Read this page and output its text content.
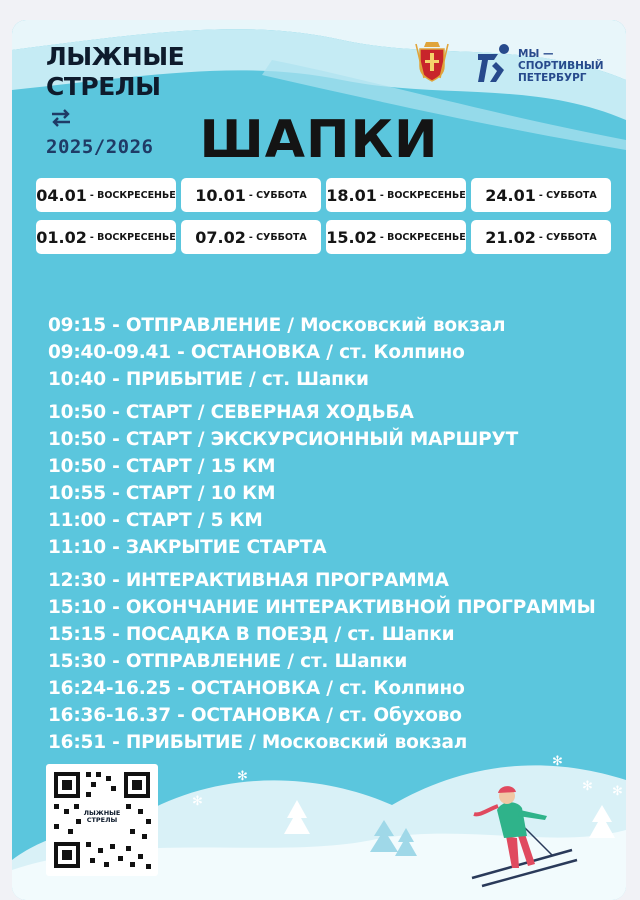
ЛЫЖНЫЕ
СТРЕЛЫ
2025/2026
МЫ —
СПОРТИВНЫЙ
ПЕТЕРБУРГ
ШАПКИ
04.01 - ВОСКРЕСЕНЬЕ 10.01 - СУББОТА 18.01 - ВОСКРЕСЕНЬЕ 24.01 - СУББОТА
01.02 - ВОСКРЕСЕНЬЕ 07.02 - СУББОТА 15.02 - ВОСКРЕСЕНЬЕ 21.02 - СУББОТА
09:15 - ОТПРАВЛЕНИЕ / Московский вокзал
09:40-09.41 - ОСТАНОВКА / ст. Колпино
10:40 - ПРИБЫТИЕ / ст. Шапки
10:50 - СТАРТ / СЕВЕРНАЯ ХОДЬБА
10:50 - СТАРТ / ЭКСКУРСИОННЫЙ МАРШРУТ
10:50 - СТАРТ / 15 КМ
10:55 - СТАРТ / 10 КМ
11:00 - СТАРТ / 5 КМ
11:10 - ЗАКРЫТИЕ СТАРТА
12:30 - ИНТЕРАКТИВНАЯ ПРОГРАММА
15:10 - ОКОНЧАНИЕ ИНТЕРАКТИВНОЙ ПРОГРАММЫ
15:15 - ПОСАДКА В ПОЕЗД / ст. Шапки
15:30 - ОТПРАВЛЕНИЕ / ст. Шапки
16:24-16.25 - ОСТАНОВКА / ст. Колпино
16:36-16.37 - ОСТАНОВКА / ст. Обухово
16:51 - ПРИБЫТИЕ / Московский вокзал
✻
✻
✻
✻
✻
ЛЫЖНЫЕ
СТРЕЛЫ
